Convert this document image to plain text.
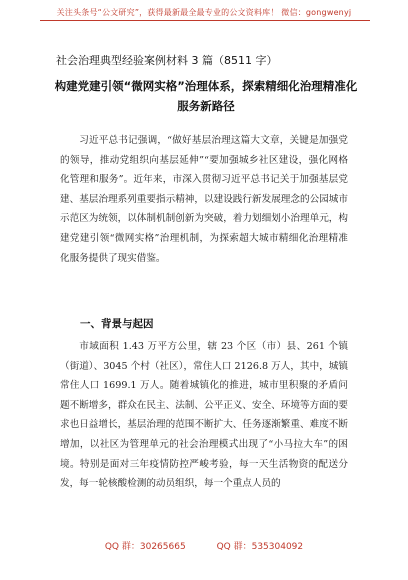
关注头条号“公文研究”，获得最新最全最专业的公文资料库！ 微信：gongwenyj
社会治理典型经验案例材料 3 篇（8511 字）
构建党建引领“微网实格”治理体系，探索精细化治理精准化服务新路径
习近平总书记强调，“做好基层治理这篇大文章，关键是加强党的领导，推动党组织向基层延伸”“要加强城乡社区建设，强化网格化管理和服务”。近年来，市深入贯彻习近平总书记关于加强基层党建、基层治理系列重要指示精神，以建设践行新发展理念的公园城市示范区为统领，以体制机制创新为突破，着力划细划小治理单元，构建党建引领“微网实格”治理机制，为探索超大城市精细化治理精准化服务提供了现实借鉴。
一、背景与起因
市域面积 1.43 万平方公里，辖 23 个区（市）县、261 个镇（街道）、3045 个村（社区），常住人口 2126.8 万人，其中，城镇常住人口 1699.1 万人。随着城镇化的推进，城市里积聚的矛盾问题不断增多，群众在民主、法制、公平正义、安全、环境等方面的要求也日益增长，基层治理的范围不断扩大、任务逐渐繁重、难度不断增加，以社区为管理单元的社会治理模式出现了“小马拉大车”的困境。特别是面对三年疫情防控严峻考验，每一天生活物资的配送分发，每一轮核酸检测的动员组织，每一个重点人员的
QQ 群：30265665	QQ 群：535304092
